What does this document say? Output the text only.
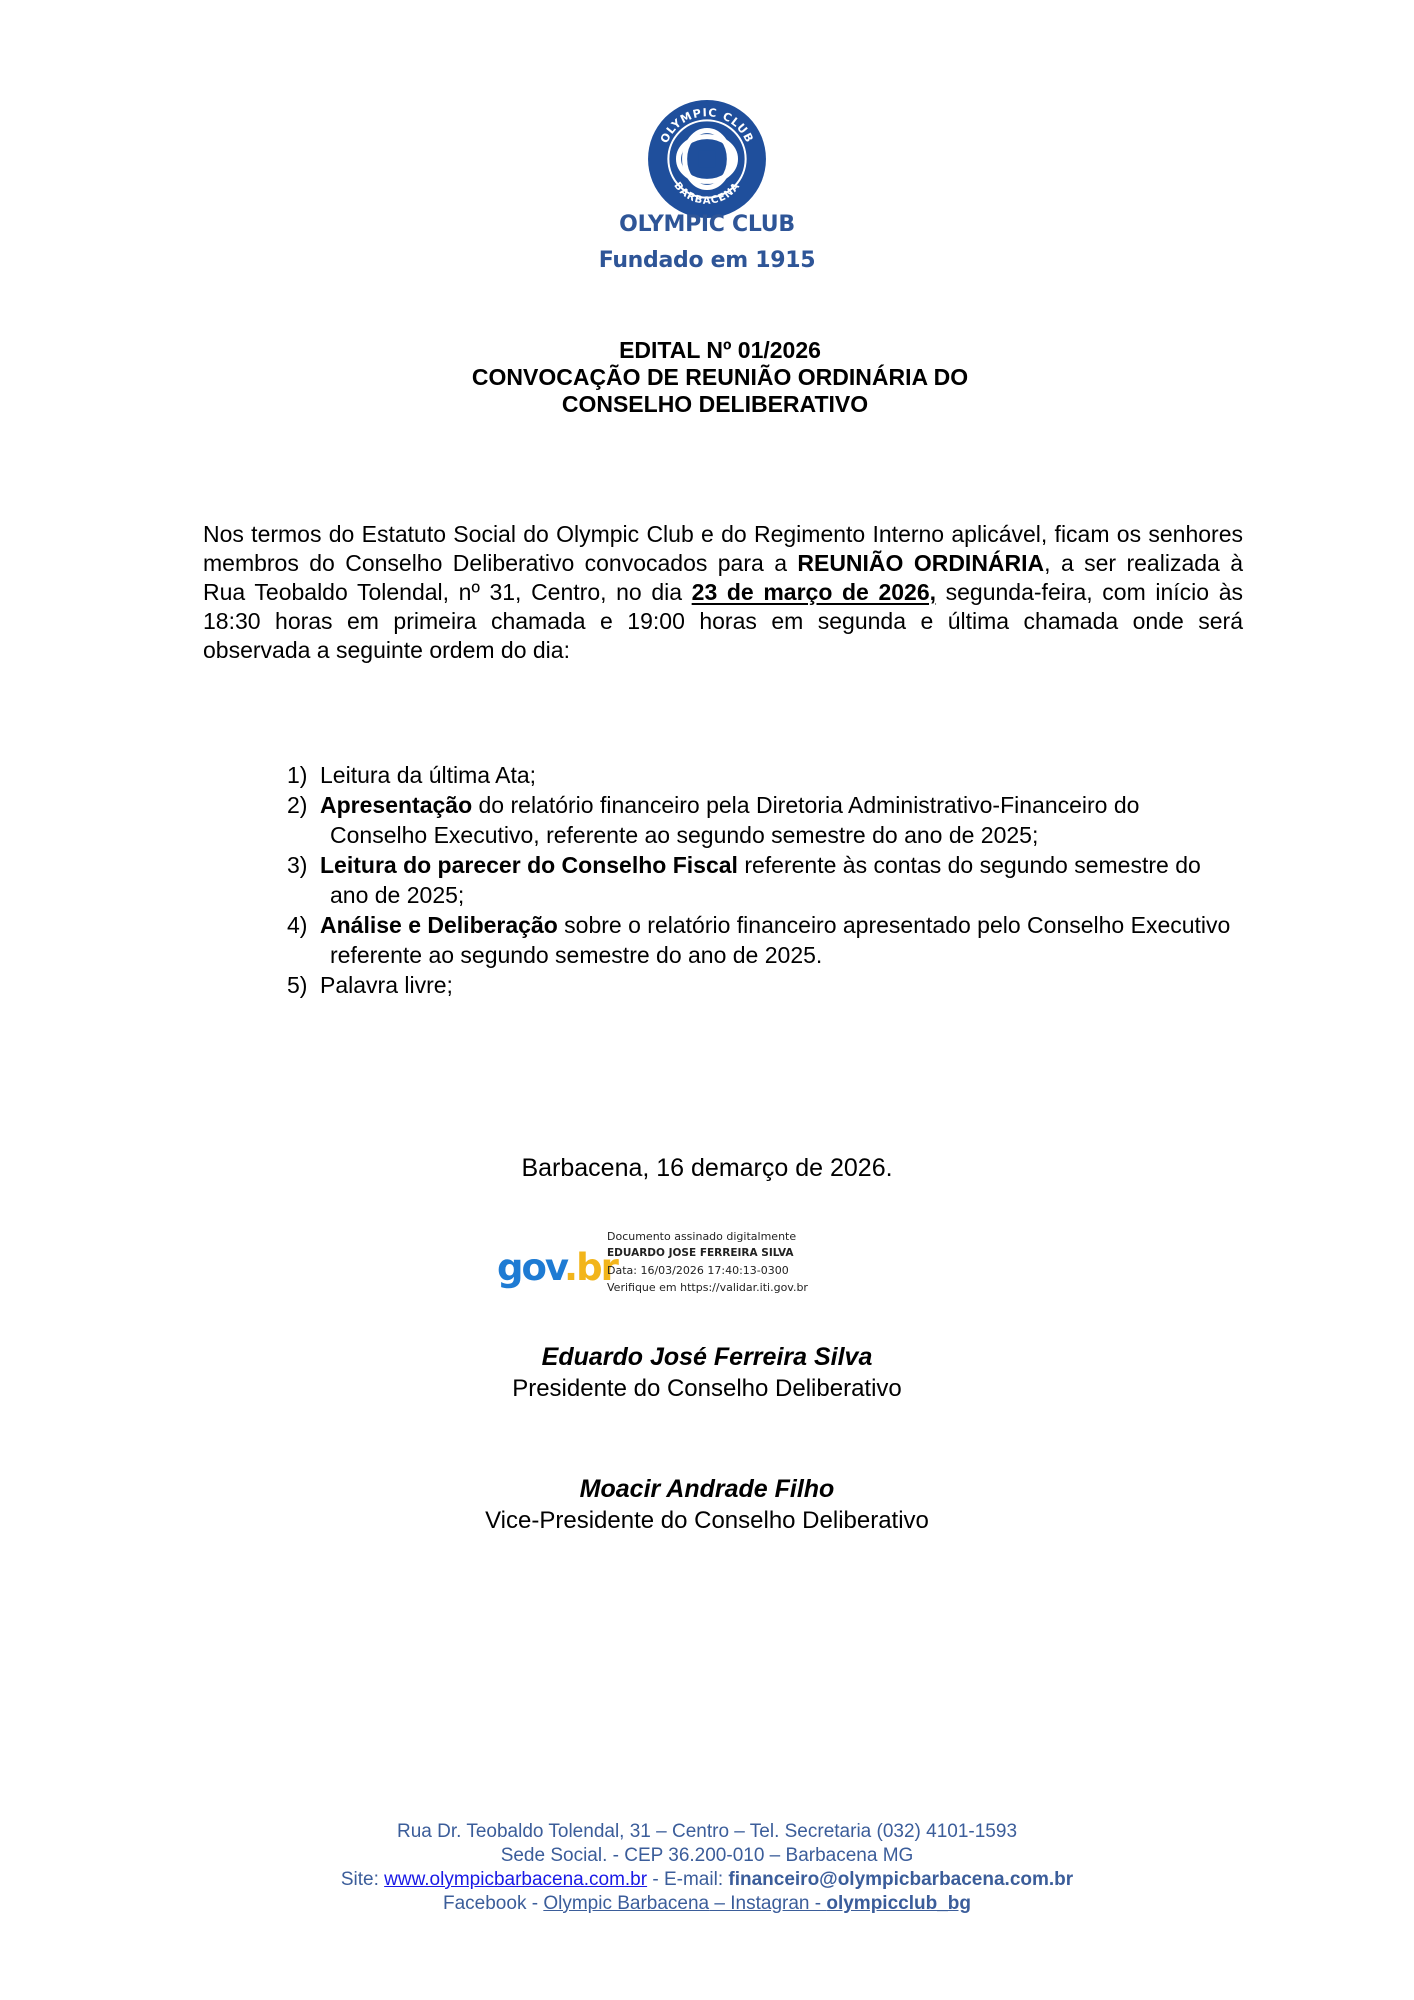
OLYMPIC CLUB
BARBACENA
OLYMPIC CLUB
Fundado em 1915
EDITAL Nº 01/2026
CONVOCAÇÃO DE REUNIÃO ORDINÁRIA DO
CONSELHO DELIBERATIVO
Nos termos do Estatuto Social do Olympic Club e do Regimento Interno aplicável, ficam os senhores membros do Conselho Deliberativo convocados para a REUNIÃO ORDINÁRIA, a ser realizada à Rua Teobaldo Tolendal, nº 31, Centro, no dia 23 de março de 2026, segunda-feira, com início às 18:30 horas em primeira chamada e 19:00 horas em segunda e última chamada onde será observada a seguinte ordem do dia:
1) Leitura da última Ata;
2) Apresentação do relatório financeiro pela Diretoria Administrativo-Financeiro do Conselho Executivo, referente ao segundo semestre do ano de 2025;
3) Leitura do parecer do Conselho Fiscal referente às contas do segundo semestre do ano de 2025;
4) Análise e Deliberação sobre o relatório financeiro apresentado pelo Conselho Executivo referente ao segundo semestre do ano de 2025.
5) Palavra livre;
Barbacena, 16 demarço de 2026.
gov.br
Documento assinado digitalmente
EDUARDO JOSE FERREIRA SILVA
Data: 16/03/2026 17:40:13-0300
Verifique em https://validar.iti.gov.br
Eduardo José Ferreira Silva
Presidente do Conselho Deliberativo
Moacir Andrade Filho
Vice-Presidente do Conselho Deliberativo
Rua Dr. Teobaldo Tolendal, 31 – Centro – Tel. Secretaria (032) 4101-1593
Sede Social. - CEP 36.200-010 – Barbacena MG
Site: www.olympicbarbacena.com.br - E-mail: financeiro@olympicbarbacena.com.br
Facebook - Olympic Barbacena – Instagran - olympicclub_bg
